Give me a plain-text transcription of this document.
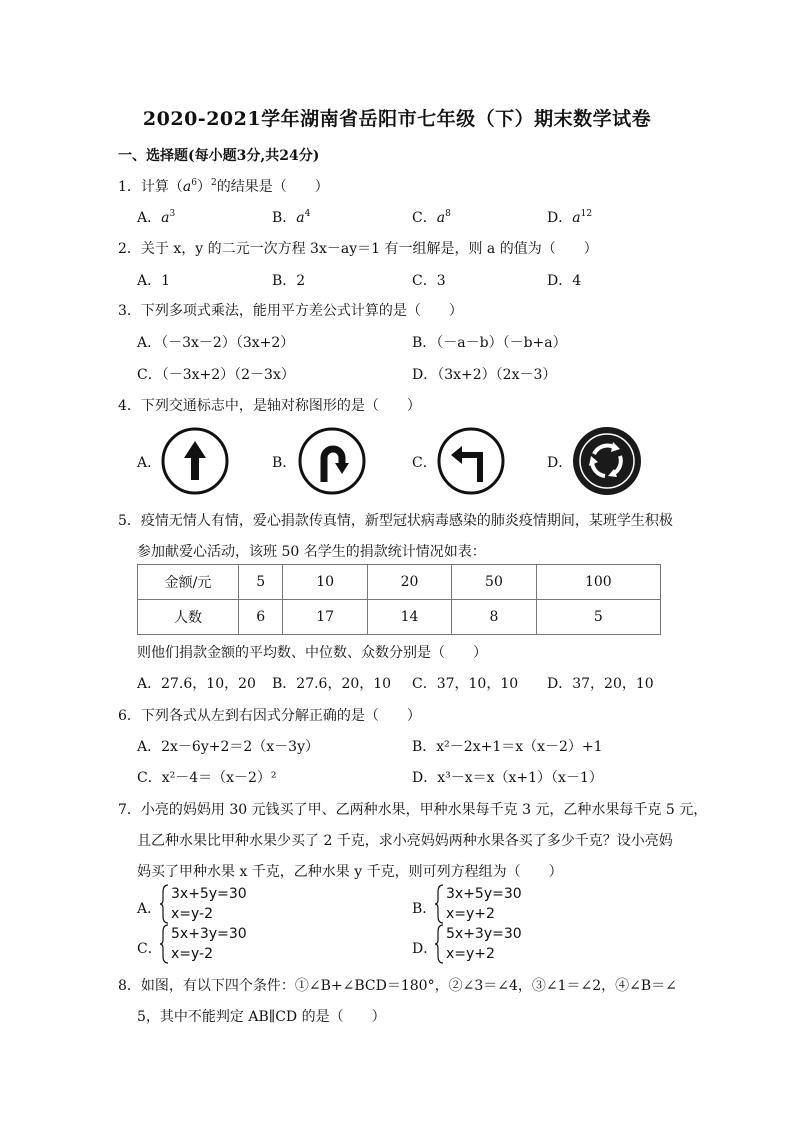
2020-2021学年湖南省岳阳市七年级（下）期末数学试卷
一、选择题(每小题3分,共24分)
1．计算$(a^6)^2$的结果是（　　）
A．$a^3$	B．$a^4$	C．$a^8$	D．$a^{12}$
2．关于 x，y 的二元一次方程 3x－ay＝1 有一组解是，则 a 的值为（　　）
A．1	B．2	C．3	D．4
3．下列多项式乘法，能用平方差公式计算的是（　　）
A．（－3x－2）（3x+2）	B．（－a－b）（－b+a）
C．（－3x+2）（2－3x）	D．（3x+2）（2x－3）
4．下列交通标志中，是轴对称图形的是（　　）
A．	B．	C．	D．
5．疫情无情人有情，爱心捐款传真情，新型冠状病毒感染的肺炎疫情期间，某班学生积极
参加献爱心活动，该班 50 名学生的捐款统计情况如表：
金额/元	5	10	20	50	100
人数	6	17	14	8	5
则他们捐款金额的平均数、中位数、众数分别是（　　）
A．27.6，10，20 B．27.6，20，10 C．37，10，10 D．37，20，10
6．下列各式从左到右因式分解正确的是（　　）
A．2x－6y+2＝2（x－3y）	B．x²－2x+1＝x（x－2）+1
C．x²－4＝（x－2）²	D．x³－x＝x（x+1）（x－1）
7．小亮的妈妈用 30 元钱买了甲、乙两种水果，甲种水果每千克 3 元，乙种水果每千克 5 元，
且乙种水果比甲种水果少买了 2 千克，求小亮妈妈两种水果各买了多少千克？设小亮妈
妈买了甲种水果 x 千克，乙种水果 y 千克，则可列方程组为（　　）
A．
3x+5y=30
x=y-2	B．
3x+5y=30
x=y+2
C．
5x+3y=30
x=y-2	D．
5x+3y=30
x=y+2
8．如图，有以下四个条件：①∠B+∠BCD＝180°，②∠3＝∠4，③∠1＝∠2，④∠B＝∠
5，其中不能判定 AB∥CD 的是（　　）
